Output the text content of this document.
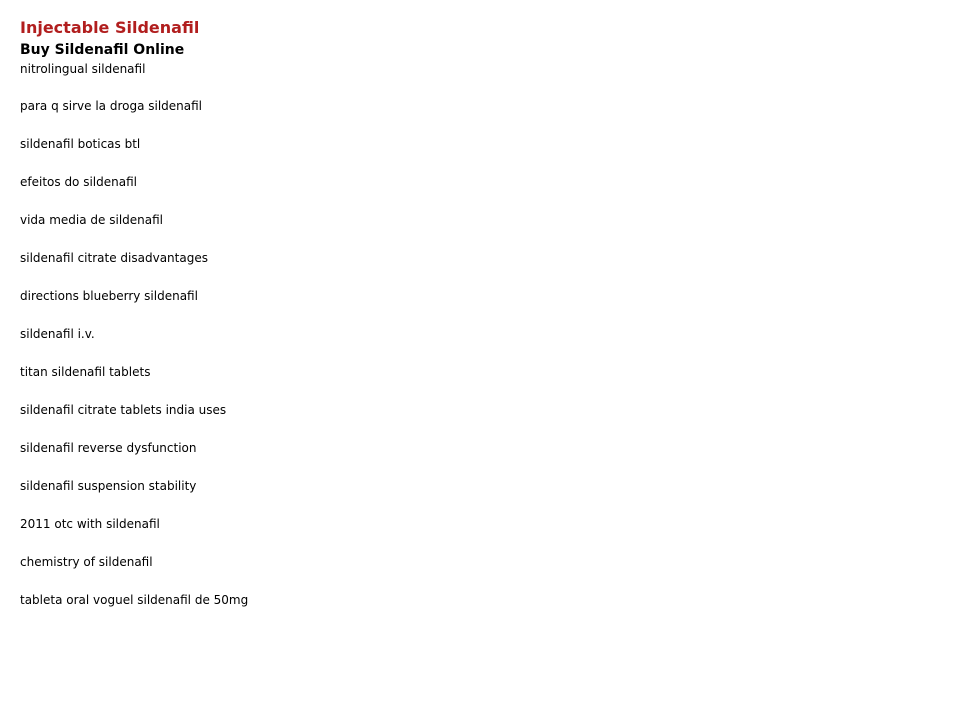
Injectable Sildenafil
Buy Sildenafil Online
nitrolingual sildenafil
para q sirve la droga sildenafil
sildenafil boticas btl
efeitos do sildenafil
vida media de sildenafil
sildenafil citrate disadvantages
directions blueberry sildenafil
sildenafil i.v.
titan sildenafil tablets
sildenafil citrate tablets india uses
sildenafil reverse dysfunction
sildenafil suspension stability
2011 otc with sildenafil
chemistry of sildenafil
tableta oral voguel sildenafil de 50mg
